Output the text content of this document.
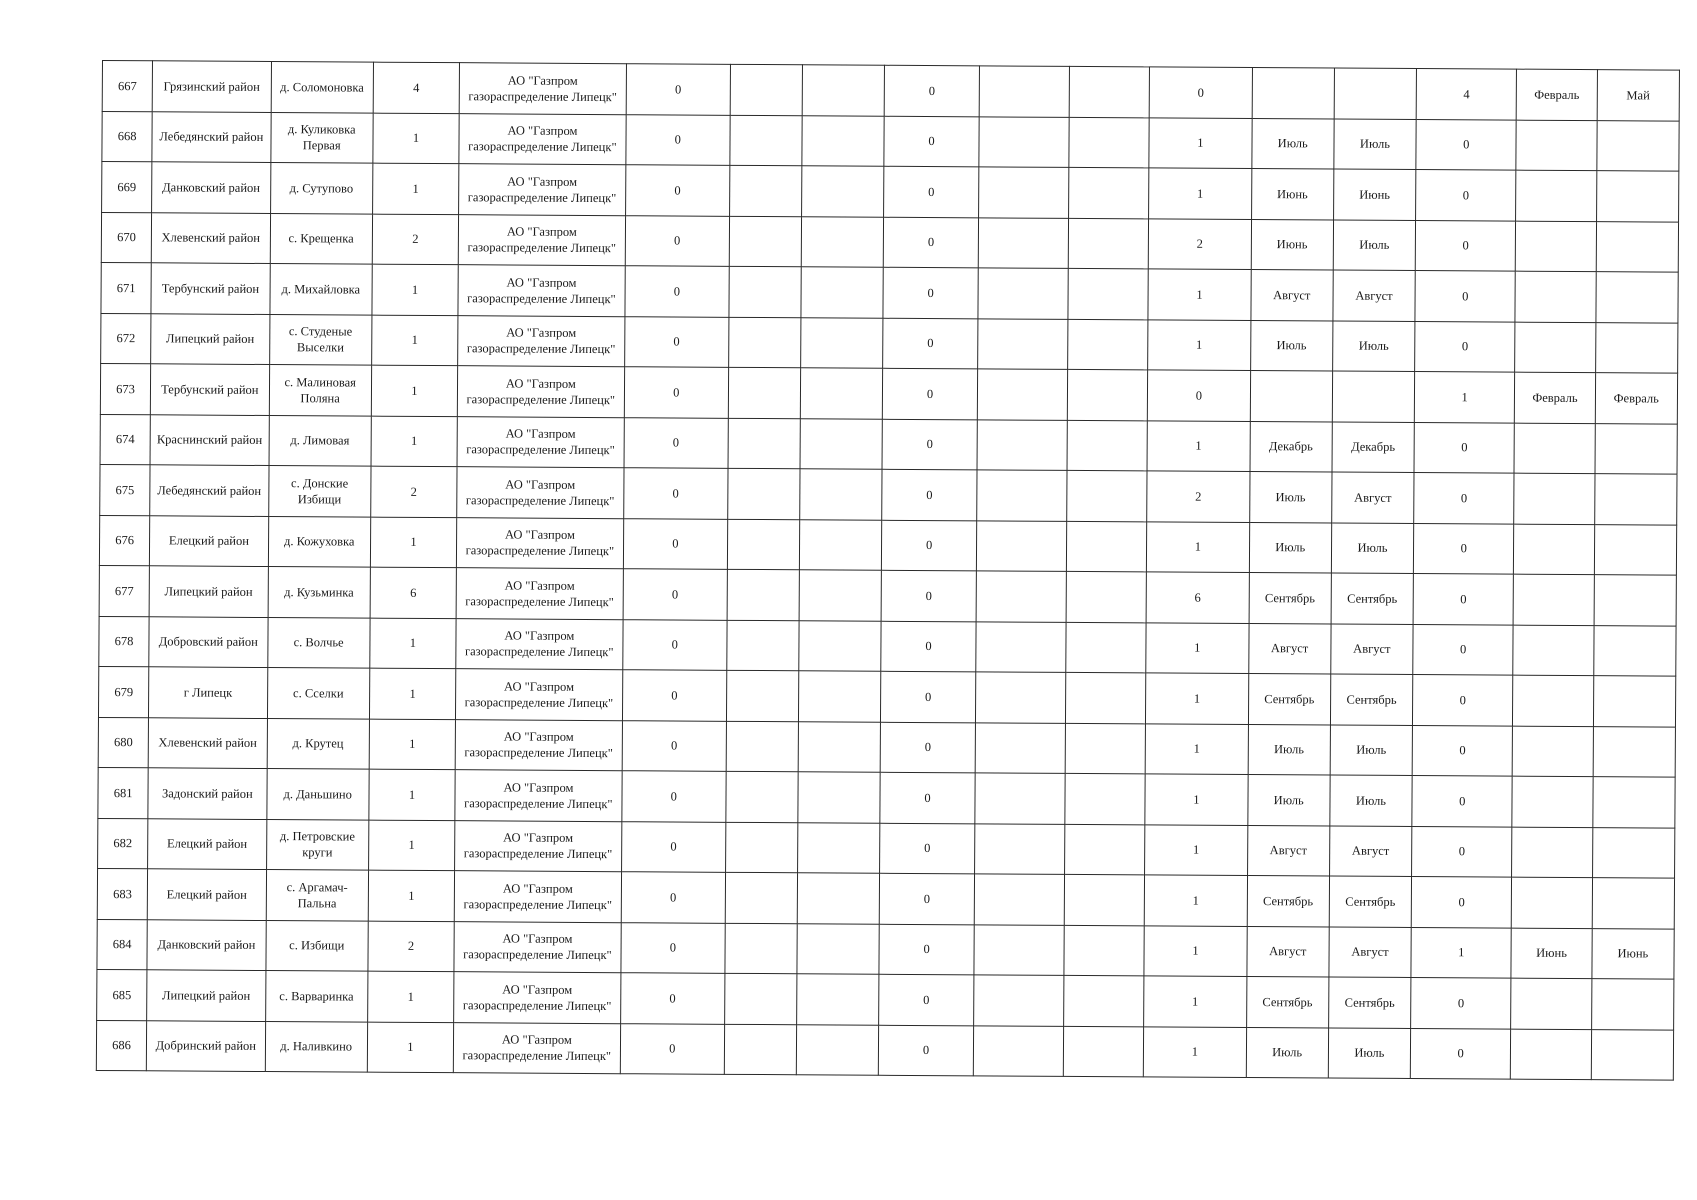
667	Грязинский район	д. Соломоновка	4	АО "Газпром газораспределение Липецк"	0			0			0			4	Февраль	Май
668	Лебедянский район	д. Куликовка Первая	1	АО "Газпром газораспределение Липецк"	0			0			1	Июль	Июль	0		
669	Данковский район	д. Сутупово	1	АО "Газпром газораспределение Липецк"	0			0			1	Июнь	Июнь	0		
670	Хлевенский район	с. Крещенка	2	АО "Газпром газораспределение Липецк"	0			0			2	Июнь	Июль	0		
671	Тербунский район	д. Михайловка	1	АО "Газпром газораспределение Липецк"	0			0			1	Август	Август	0		
672	Липецкий район	с. Студеные Выселки	1	АО "Газпром газораспределение Липецк"	0			0			1	Июль	Июль	0		
673	Тербунский район	с. Малиновая Поляна	1	АО "Газпром газораспределение Липецк"	0			0			0			1	Февраль	Февраль
674	Краснинский район	д. Лимовая	1	АО "Газпром газораспределение Липецк"	0			0			1	Декабрь	Декабрь	0		
675	Лебедянский район	с. Донские Избищи	2	АО "Газпром газораспределение Липецк"	0			0			2	Июль	Август	0		
676	Елецкий район	д. Кожуховка	1	АО "Газпром газораспределение Липецк"	0			0			1	Июль	Июль	0		
677	Липецкий район	д. Кузьминка	6	АО "Газпром газораспределение Липецк"	0			0			6	Сентябрь	Сентябрь	0		
678	Добровский район	с. Волчье	1	АО "Газпром газораспределение Липецк"	0			0			1	Август	Август	0		
679	г Липецк	с. Сселки	1	АО "Газпром газораспределение Липецк"	0			0			1	Сентябрь	Сентябрь	0		
680	Хлевенский район	д. Крутец	1	АО "Газпром газораспределение Липецк"	0			0			1	Июль	Июль	0		
681	Задонский район	д. Даньшино	1	АО "Газпром газораспределение Липецк"	0			0			1	Июль	Июль	0		
682	Елецкий район	д. Петровские круги	1	АО "Газпром газораспределение Липецк"	0			0			1	Август	Август	0		
683	Елецкий район	с. Аргамач-Пальна	1	АО "Газпром газораспределение Липецк"	0			0			1	Сентябрь	Сентябрь	0		
684	Данковский район	с. Избищи	2	АО "Газпром газораспределение Липецк"	0			0			1	Август	Август	1	Июнь	Июнь
685	Липецкий район	с. Варваринка	1	АО "Газпром газораспределение Липецк"	0			0			1	Сентябрь	Сентябрь	0		
686	Добринский район	д. Наливкино	1	АО "Газпром газораспределение Липецк"	0			0			1	Июль	Июль	0		
